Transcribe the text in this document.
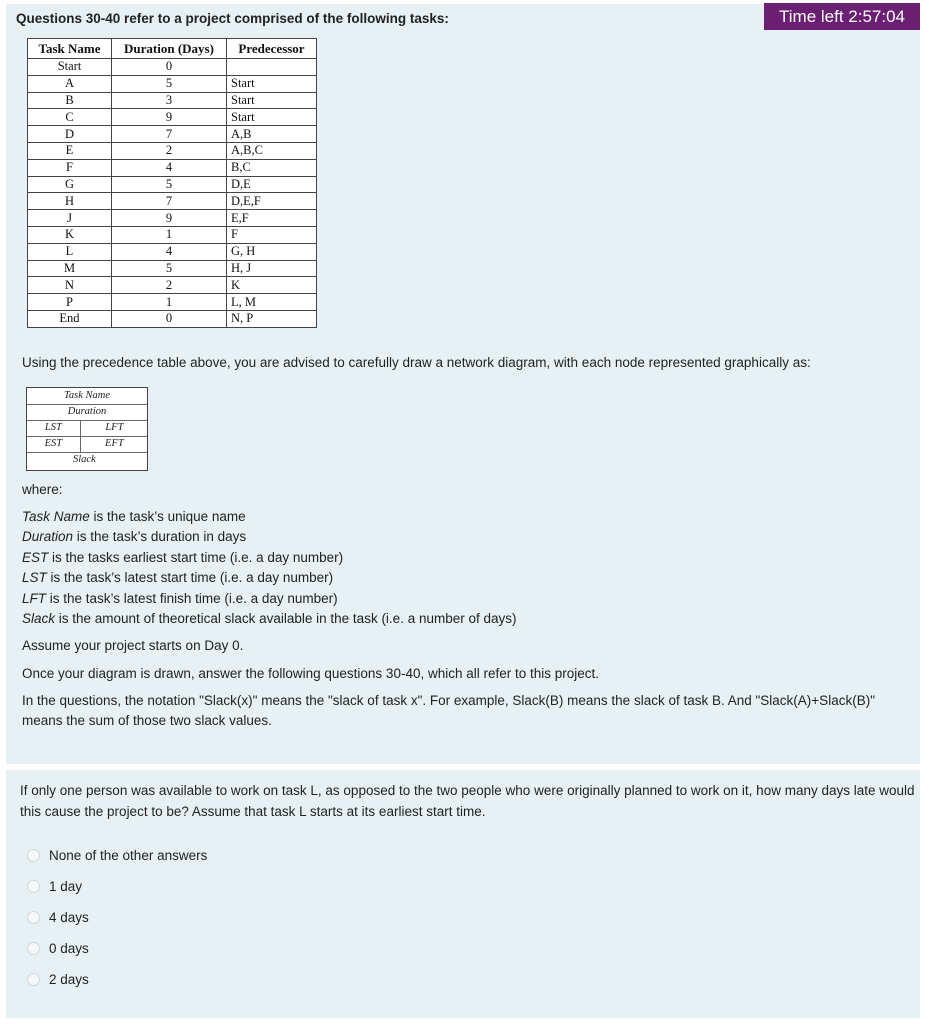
Time left 2:57:04
Questions 30-40 refer to a project comprised of the following tasks:
Task Name	Duration (Days)	Predecessor
Start	0	
A	5	Start
B	3	Start
C	9	Start
D	7	A,B
E	2	A,B,C
F	4	B,C
G	5	D,E
H	7	D,E,F
J	9	E,F
K	1	F
L	4	G, H
M	5	H, J
N	2	K
P	1	L, M
End	0	N, P
Using the precedence table above, you are advised to carefully draw a network diagram, with each node represented graphically as:
Task Name
Duration
LST	LFT
EST	EFT
Slack
where:
Task Name is the task’s unique name
Duration is the task’s duration in days
EST is the tasks earliest start time (i.e. a day number)
LST is the task’s latest start time (i.e. a day number)
LFT is the task’s latest finish time (i.e. a day number)
Slack is the amount of theoretical slack available in the task (i.e. a number of days)
Assume your project starts on Day 0.
Once your diagram is drawn, answer the following questions 30-40, which all refer to this project.
In the questions, the notation "Slack(x)" means the "slack of task x". For example, Slack(B) means the slack of task B. And "Slack(A)+Slack(B)" means the sum of those two slack values.
If only one person was available to work on task L, as opposed to the two people who were originally planned to work on it, how many days late would this cause the project to be? Assume that task L starts at its earliest start time.
None of the other answers
1 day
4 days
0 days
2 days
